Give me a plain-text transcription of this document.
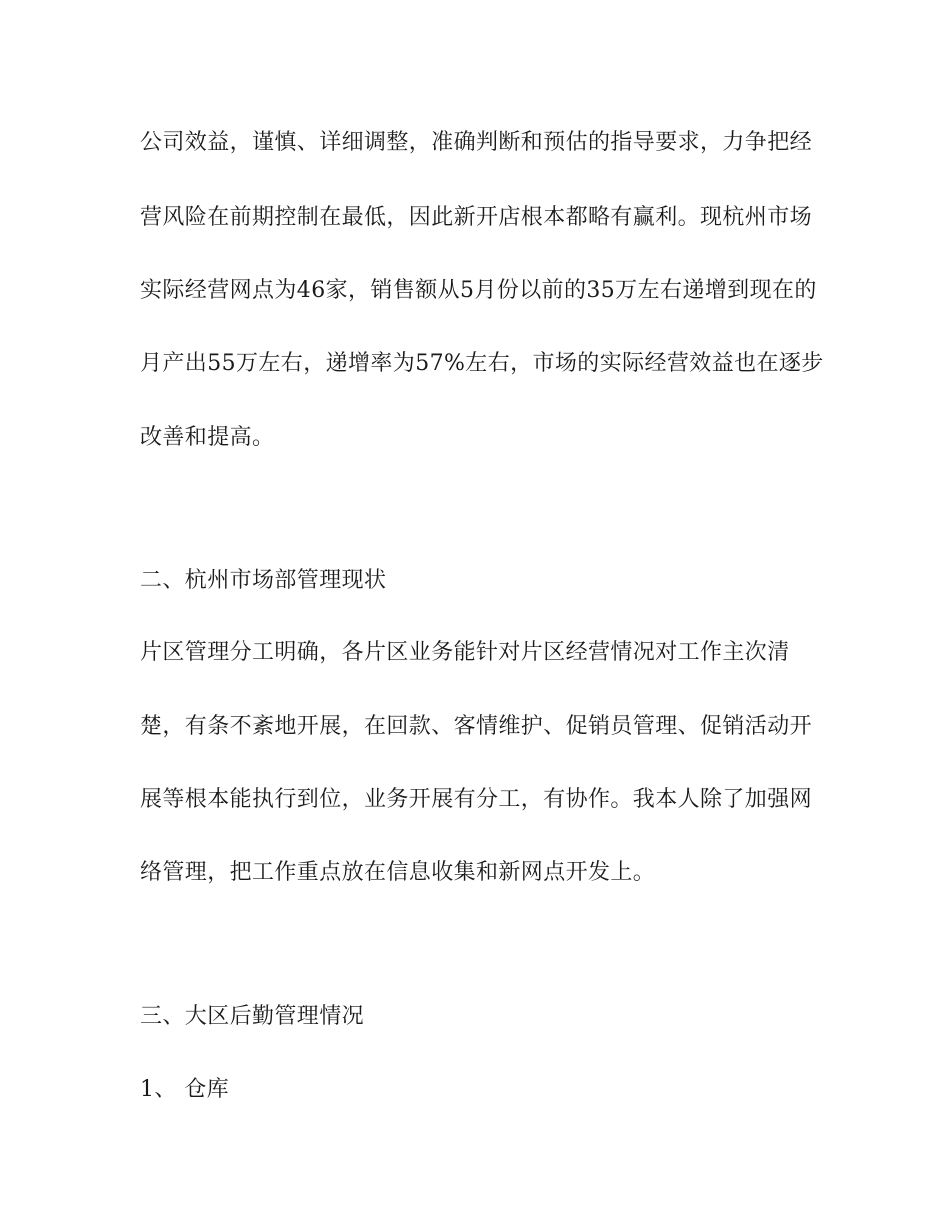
公司效益，谨慎、详细调整，准确判断和预估的指导要求，力争把经
营风险在前期控制在最低，因此新开店根本都略有赢利。现杭州市场
实际经营网点为46家，销售额从5月份以前的35万左右递增到现在的
月产出55万左右，递增率为57%左右，市场的实际经营效益也在逐步
改善和提高。
二、杭州市场部管理现状
片区管理分工明确，各片区业务能针对片区经营情况对工作主次清
楚，有条不紊地开展，在回款、客情维护、促销员管理、促销活动开
展等根本能执行到位，业务开展有分工，有协作。我本人除了加强网
络管理，把工作重点放在信息收集和新网点开发上。
三、大区后勤管理情况
1、 仓库
